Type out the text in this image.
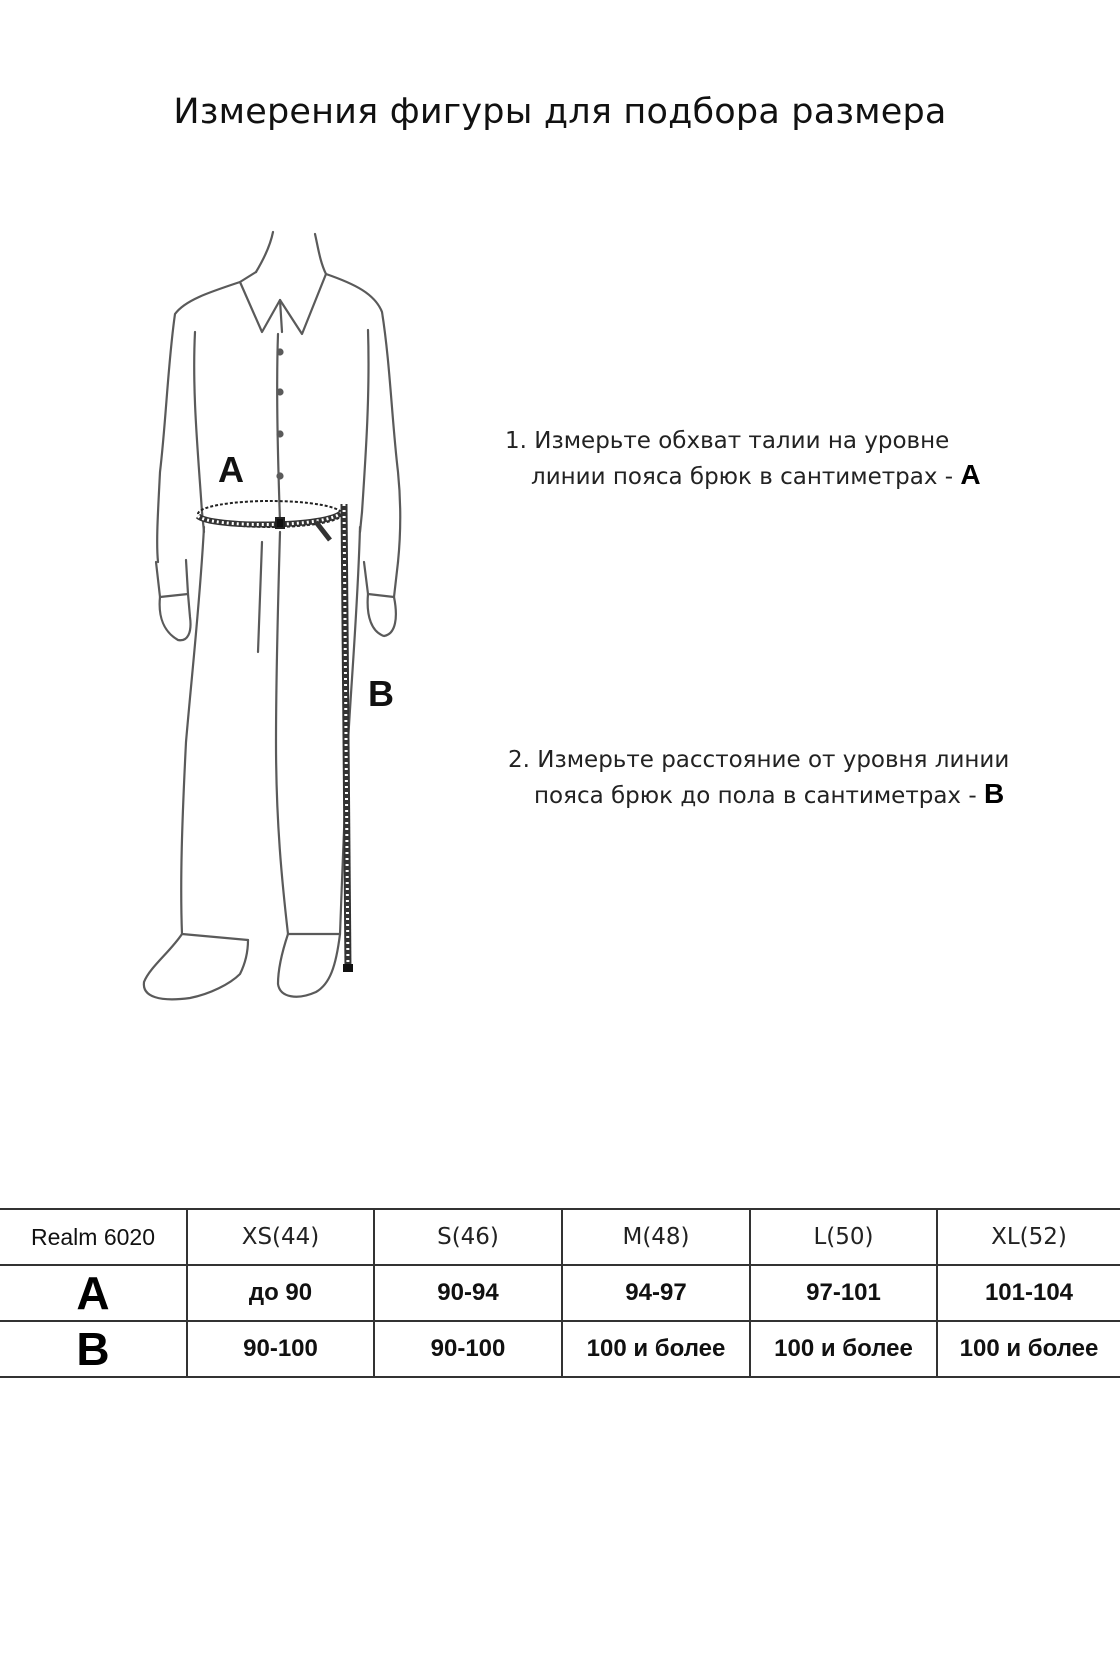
Измерения фигуры для подбора размера
A
B
1. Измерьте обхват талии на уровне
линии пояса брюк в сантиметрах - A
2. Измерьте расстояние от уровня линии
пояса брюк до пола в сантиметрах - B
Realm 6020	XS(44)	S(46)	M(48)	L(50)	XL(52)
A	до 90	90-94	94-97	97-101	101-104
B	90-100	90-100	100 и более	100 и более	100 и более
